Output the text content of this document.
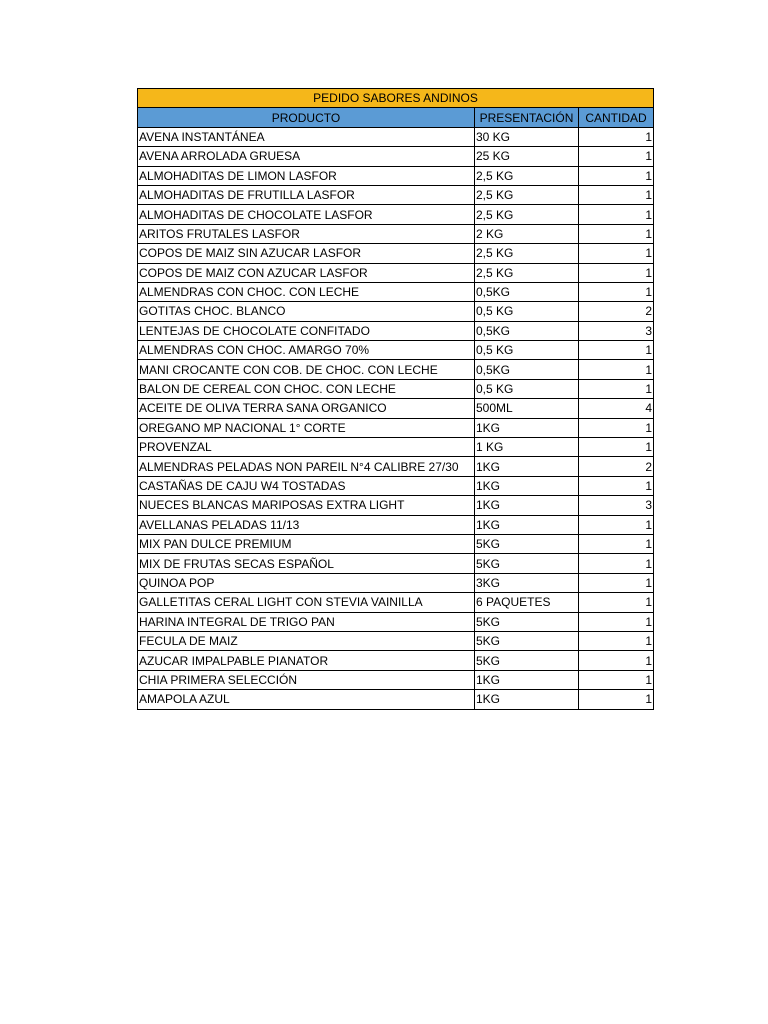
PEDIDO SABORES ANDINOS		
PRODUCTO	PRESENTACIÓN	CANTIDAD
AVENA INSTANTÁNEA	30 KG	1
AVENA ARROLADA GRUESA	25 KG	1
ALMOHADITAS DE LIMON LASFOR	2,5 KG	1
ALMOHADITAS DE FRUTILLA LASFOR	2,5 KG	1
ALMOHADITAS DE CHOCOLATE LASFOR	2,5 KG	1
ARITOS FRUTALES LASFOR	2 KG	1
COPOS DE MAIZ SIN AZUCAR LASFOR	2,5 KG	1
COPOS DE MAIZ CON AZUCAR LASFOR	2,5 KG	1
ALMENDRAS CON CHOC. CON LECHE	0,5KG	1
GOTITAS CHOC. BLANCO	0,5 KG	2
LENTEJAS DE CHOCOLATE CONFITADO	0,5KG	3
ALMENDRAS CON CHOC. AMARGO 70%	0,5 KG	1
MANI CROCANTE CON COB. DE CHOC. CON LECHE	0,5KG	1
BALON DE CEREAL CON CHOC. CON LECHE	0,5 KG	1
ACEITE DE OLIVA TERRA SANA ORGANICO	500ML	4
OREGANO MP NACIONAL 1° CORTE	1KG	1
PROVENZAL	1 KG	1
ALMENDRAS PELADAS NON PAREIL N°4 CALIBRE 27/30	1KG	2
CASTAÑAS DE CAJU W4 TOSTADAS	1KG	1
NUECES BLANCAS MARIPOSAS EXTRA LIGHT	1KG	3
AVELLANAS PELADAS 11/13	1KG	1
MIX PAN DULCE PREMIUM	5KG	1
MIX DE FRUTAS SECAS ESPAÑOL	5KG	1
QUINOA POP	3KG	1
GALLETITAS CERAL LIGHT CON STEVIA VAINILLA	6 PAQUETES	1
HARINA INTEGRAL DE TRIGO PAN	5KG	1
FECULA DE MAIZ	5KG	1
AZUCAR IMPALPABLE PIANATOR	5KG	1
CHIA PRIMERA SELECCIÓN	1KG	1
AMAPOLA AZUL	1KG	1
